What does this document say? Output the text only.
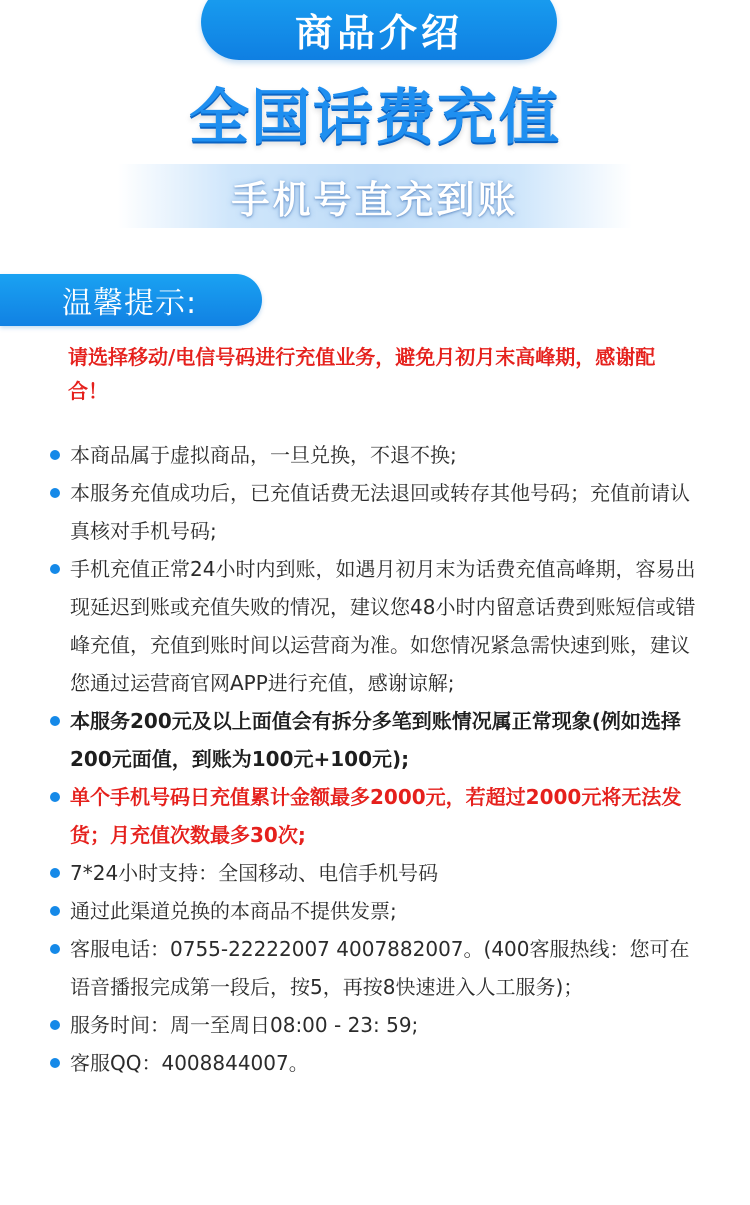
商品介绍
全国话费充值
手机号直充到账
温馨提示:
请选择移动/电信号码进行充值业务，避免月初月末高峰期，感谢配合！
本商品属于虚拟商品，一旦兑换，不退不换;
本服务充值成功后，已充值话费无法退回或转存其他号码；充值前请认真核对手机号码;
手机充值正常24小时内到账，如遇月初月末为话费充值高峰期，容易出现延迟到账或充值失败的情况，建议您48小时内留意话费到账短信或错峰充值，充值到账时间以运营商为准。如您情况紧急需快速到账，建议您通过运营商官网APP进行充值，感谢谅解;
本服务200元及以上面值会有拆分多笔到账情况属正常现象(例如选择200元面值，到账为100元+100元);
单个手机号码日充值累计金额最多2000元，若超过2000元将无法发货；月充值次数最多30次;
7*24小时支持：全国移动、电信手机号码
通过此渠道兑换的本商品不提供发票;
客服电话：0755-22222007 4007882007。(400客服热线：您可在语音播报完成第一段后，按5，再按8快速进入人工服务)；
服务时间：周一至周日08:00 - 23: 59;
客服QQ：4008844007。
